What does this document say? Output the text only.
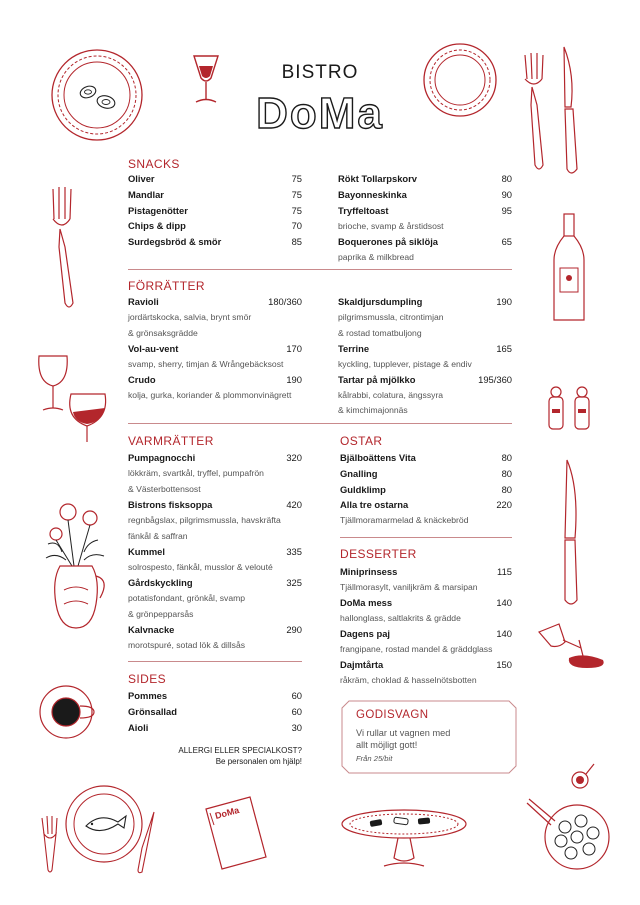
DoMa
BISTRO
DoMa
SNACKS
Oliver	75
Mandlar	75
Pistagenötter	75
Chips & dipp	70
Surdegsbröd & smör	85
Rökt Tollarpskorv	80
Bayonneskinka	90
Tryffeltoast	95
brioche, svamp & årstidsost
Boquerones på siklöja	65
paprika & milkbread
FÖRRÄTTER
Ravioli	180/360
jordärtskocka, salvia, brynt smör
& grönsaksgrädde
Vol-au-vent	170
svamp, sherry, timjan & Wrångebäcksost
Crudo	190
kolja, gurka, koriander & plommonvinägrett
Skaldjursdumpling	190
pilgrimsmussla, citrontimjan
& rostad tomatbuljong
Terrine	165
kyckling, tupplever, pistage & endiv
Tartar på mjölkko	195/360
kålrabbi, colatura, ängssyra
& kimchimajonnäs
VARMRÄTTER
Pumpagnocchi	320
lökkräm, svartkål, tryffel, pumpafrön
& Västerbottensost
Bistrons fisksoppa	420
regnbågslax, pilgrimsmussla, havskräfta
fänkål & saffran
Kummel	335
solrospesto, fänkål, musslor & velouté
Gårdskyckling	325
potatisfondant, grönkål, svamp
& grönpepparsås
Kalvnacke	290
morotspuré, sotad lök & dillsås
SIDES
Pommes	60
Grönsallad	60
Aioli	30
ALLERGI ELLER SPECIALKOST?
Be personalen om hjälp!
OSTAR
Bjälboättens Vita	80
Gnalling	80
Guldklimp	80
Alla tre ostarna	220
Tjällmoramarmelad & knäckebröd
DESSERTER
Miniprinsess	115
Tjällmorasylt, vaniljkräm & marsipan
DoMa mess	140
hallonglass, saltlakrits & grädde
Dagens paj	140
frangipane, rostad mandel & gräddglass
Dajmtårta	150
råkräm, choklad & hasselnötsbotten
GODISVAGN
Vi rullar ut vagnen med
allt möjligt gott!
Från 25/bit
